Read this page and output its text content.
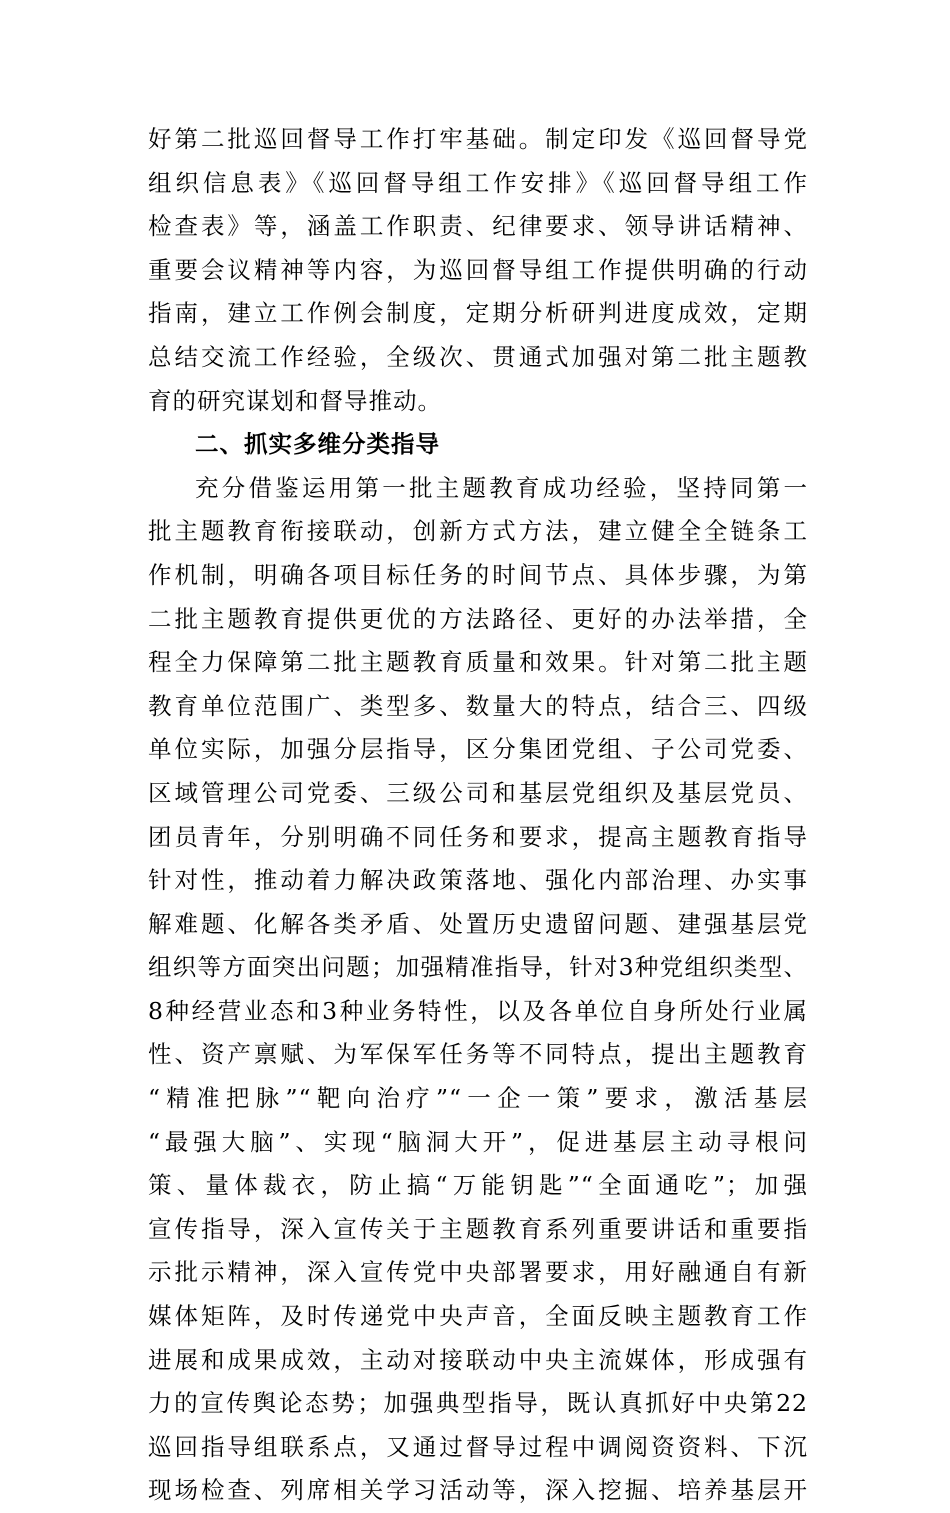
好第二批巡回督导工作打牢基础。制定印发《巡回督导党
组织信息表》《巡回督导组工作安排》《巡回督导组工作
检查表》等，涵盖工作职责、纪律要求、领导讲话精神、
重要会议精神等内容，为巡回督导组工作提供明确的行动
指南，建立工作例会制度，定期分析研判进度成效，定期
总结交流工作经验，全级次、贯通式加强对第二批主题教
育的研究谋划和督导推动。
二、抓实多维分类指导
充分借鉴运用第一批主题教育成功经验，坚持同第一
批主题教育衔接联动，创新方式方法，建立健全全链条工
作机制，明确各项目标任务的时间节点、具体步骤，为第
二批主题教育提供更优的方法路径、更好的办法举措，全
程全力保障第二批主题教育质量和效果。针对第二批主题
教育单位范围广、类型多、数量大的特点，结合三、四级
单位实际，加强分层指导，区分集团党组、子公司党委、
区域管理公司党委、三级公司和基层党组织及基层党员、
团员青年，分别明确不同任务和要求，提高主题教育指导
针对性，推动着力解决政策落地、强化内部治理、办实事
解难题、化解各类矛盾、处置历史遗留问题、建强基层党
组织等方面突出问题；加强精准指导，针对3种党组织类型、
8种经营业态和3种业务特性，以及各单位自身所处行业属
性、资产禀赋、为军保军任务等不同特点，提出主题教育
“精准把脉”“靶向治疗”“一企一策”要求，激活基层
“最强大脑”、实现“脑洞大开”，促进基层主动寻根问
策、量体裁衣，防止搞“万能钥匙”“全面通吃”；加强
宣传指导，深入宣传关于主题教育系列重要讲话和重要指
示批示精神，深入宣传党中央部署要求，用好融通自有新
媒体矩阵，及时传递党中央声音，全面反映主题教育工作
进展和成果成效，主动对接联动中央主流媒体，形成强有
力的宣传舆论态势；加强典型指导，既认真抓好中央第22
巡回指导组联系点，又通过督导过程中调阅资资料、下沉
现场检查、列席相关学习活动等，深入挖掘、培养基层开
